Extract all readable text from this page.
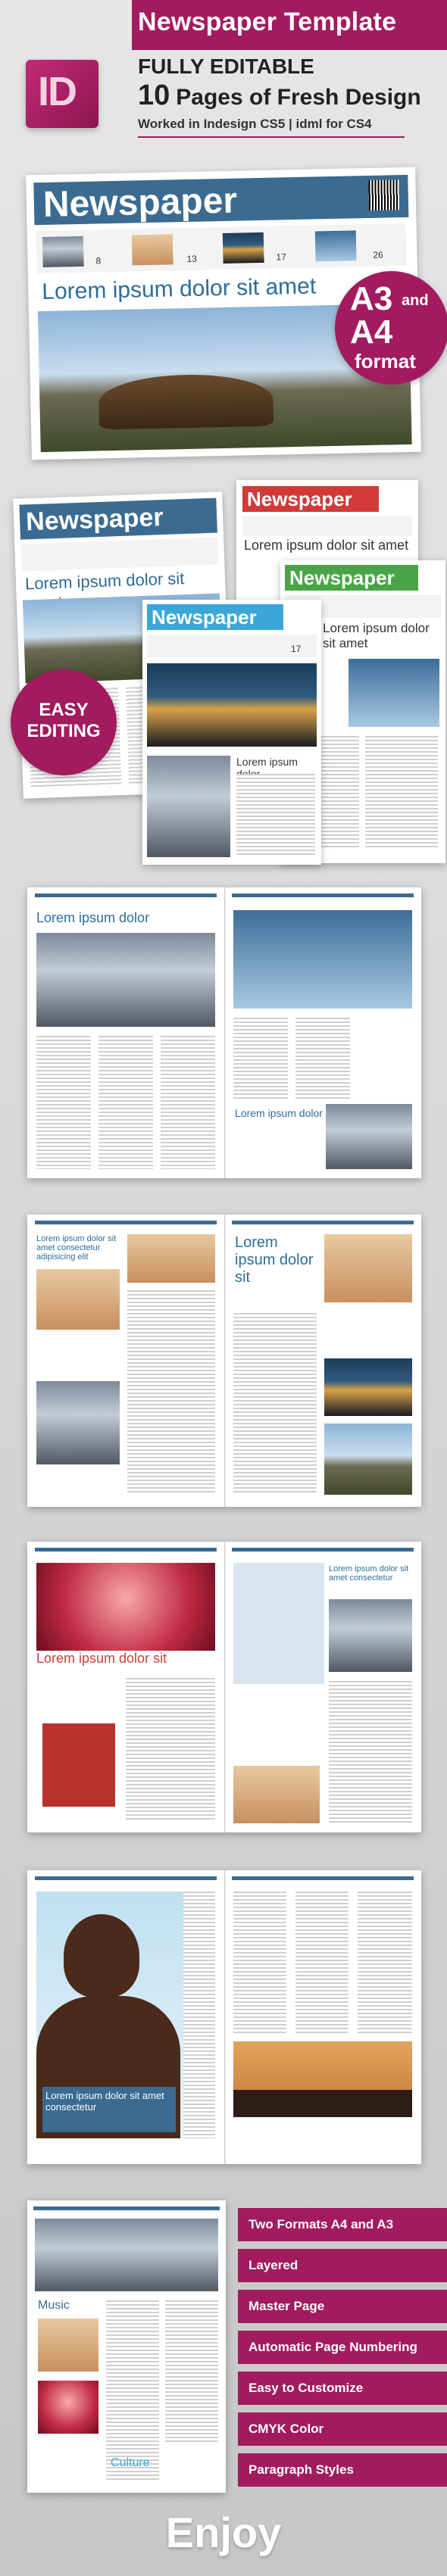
Newspaper Template
ID
FULLY EDITABLE
10 Pages of Fresh Design
Worked in Indesign CS5 | idml for CS4
Newspaper
8	13	17	26
Lorem ipsum dolor sit amet A3 and
A4
format
Newspaper
Lorem ipsum dolor sit
Newspaper
Lorem ipsum dolor sit amet
Newspaper
Lorem ipsum dolor sit amet
Newspaper
17
Lorem ipsum
EASY
EDITING
Lorem ipsum dolor
Lorem ipsum dolor
Lorem ipsum dolor sit amet consectetur adipisicing elit
Lorem ipsum dolor sit
Lorem ipsum dolor sit
Lorem ipsum dolor sit amet consectetur
Lorem ipsum dolor sit amet consectetur
Music
Culture
Two Formats A4 and A3
Layered
Master Page
Automatic Page Numbering
Easy to Customize
CMYK Color
Paragraph Styles
Enjoy
